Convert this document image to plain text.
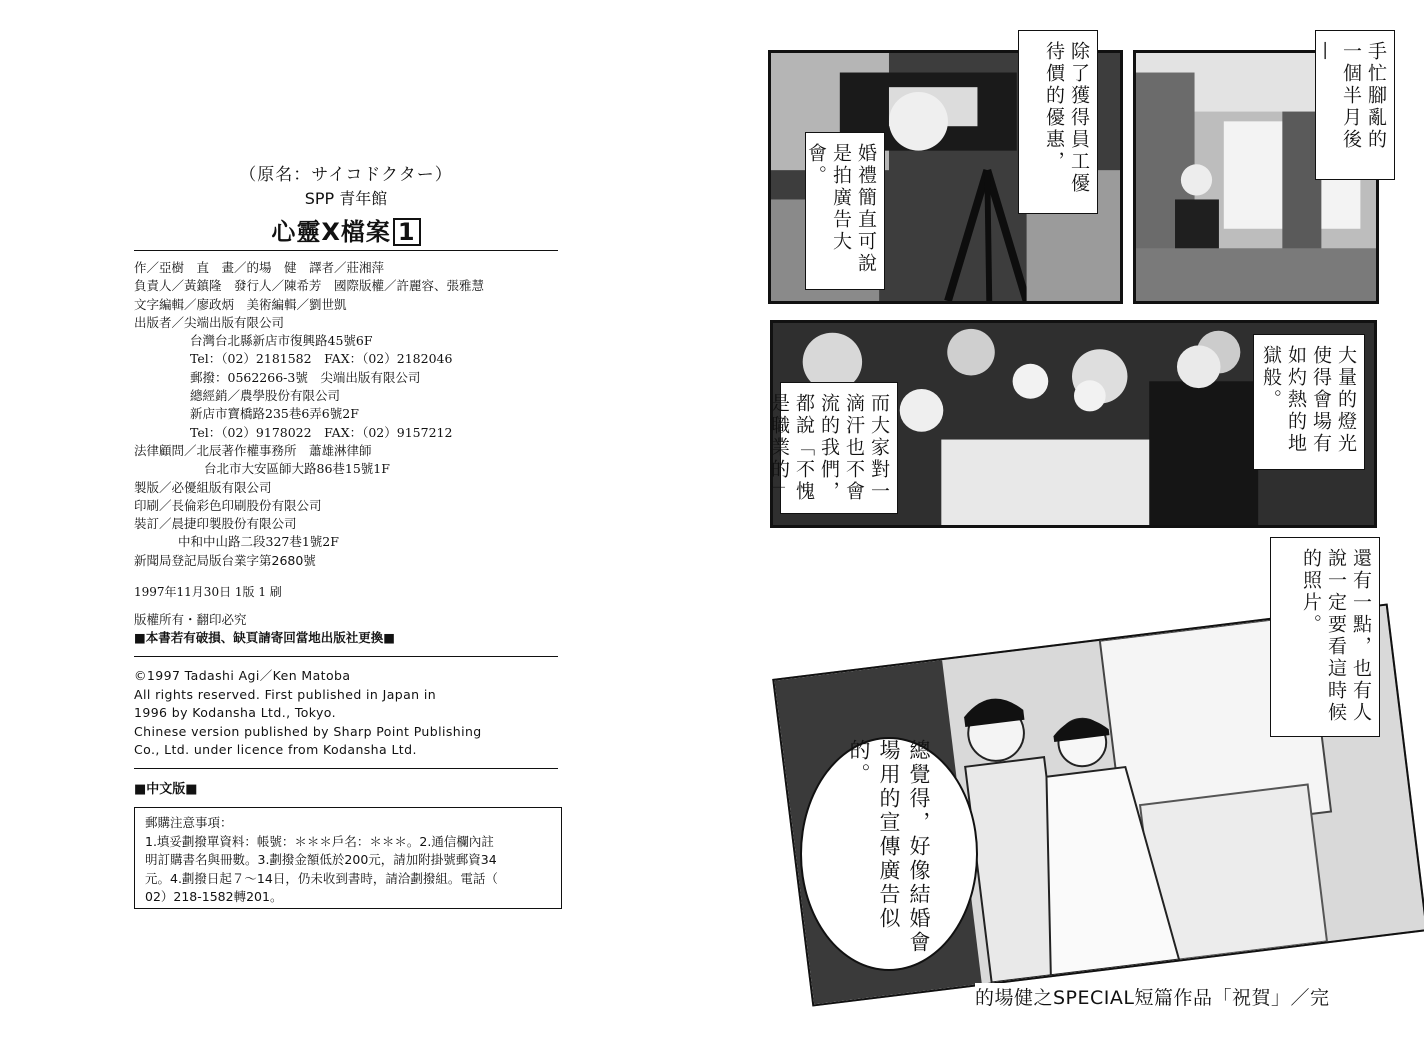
（原名：サイコドクター）
SPP 青年館
心靈X檔案 1
作／亞樹　直　畫／的場　健　譯者／莊湘萍
負責人／黃鎮隆　發行人／陳希芳　國際版權／許麗容、張雅慧
文字編輯／廖政炳　美術編輯／劉世凱
出版者／尖端出版有限公司
台灣台北縣新店市復興路45號6F
Tel：（02）2181582　FAX：（02）2182046
郵撥：0562266-3號　尖端出版有限公司
總經銷／農學股份有限公司
新店市寶橋路235巷6弄6號2F
Tel：（02）9178022　FAX：（02）9157212
法律顧問／北辰著作權事務所　蕭雄淋律師
台北市大安區師大路86巷15號1F
製版／必優組版有限公司
印刷／長倫彩色印刷股份有限公司
裝訂／晨捷印製股份有限公司
中和中山路二段327巷1號2F
新聞局登記局版台業字第2680號
1997年11月30日 1版 1 刷
版權所有・翻印必究
■本書若有破損、缺頁請寄回當地出版社更換■
©1997 Tadashi Agi／Ken Matoba
All rights reserved. First published in Japan in
1996 by Kodansha Ltd., Tokyo.
Chinese version published by Sharp Point Publishing
Co., Ltd. under licence from Kodansha Ltd.
■中文版■
郵購注意事項：
1.填妥劃撥單資料：帳號：＊＊＊戶名：＊＊＊。2.通信欄內註
明訂購書名與冊數。3.劃撥金額低於200元，請加附掛號郵資34
元。4.劃撥日起７～14日，仍未收到書時，請洽劃撥組。電話（
02）218-1582轉201。
除了獲得員工優待價的優惠，
婚禮簡直可說是拍廣告大會。
手忙腳亂的一個半月後—
大量的燈光使得會場有如灼熱的地獄般。
而大家對一滴汗也不會流的我們，都說「不愧是職業的」
還有一點，也有人說一定要看這時候的照片。
總覺得，好像結婚會場用的宣傳廣告似的。
的場健之SPECIAL短篇作品「祝賀」／完
